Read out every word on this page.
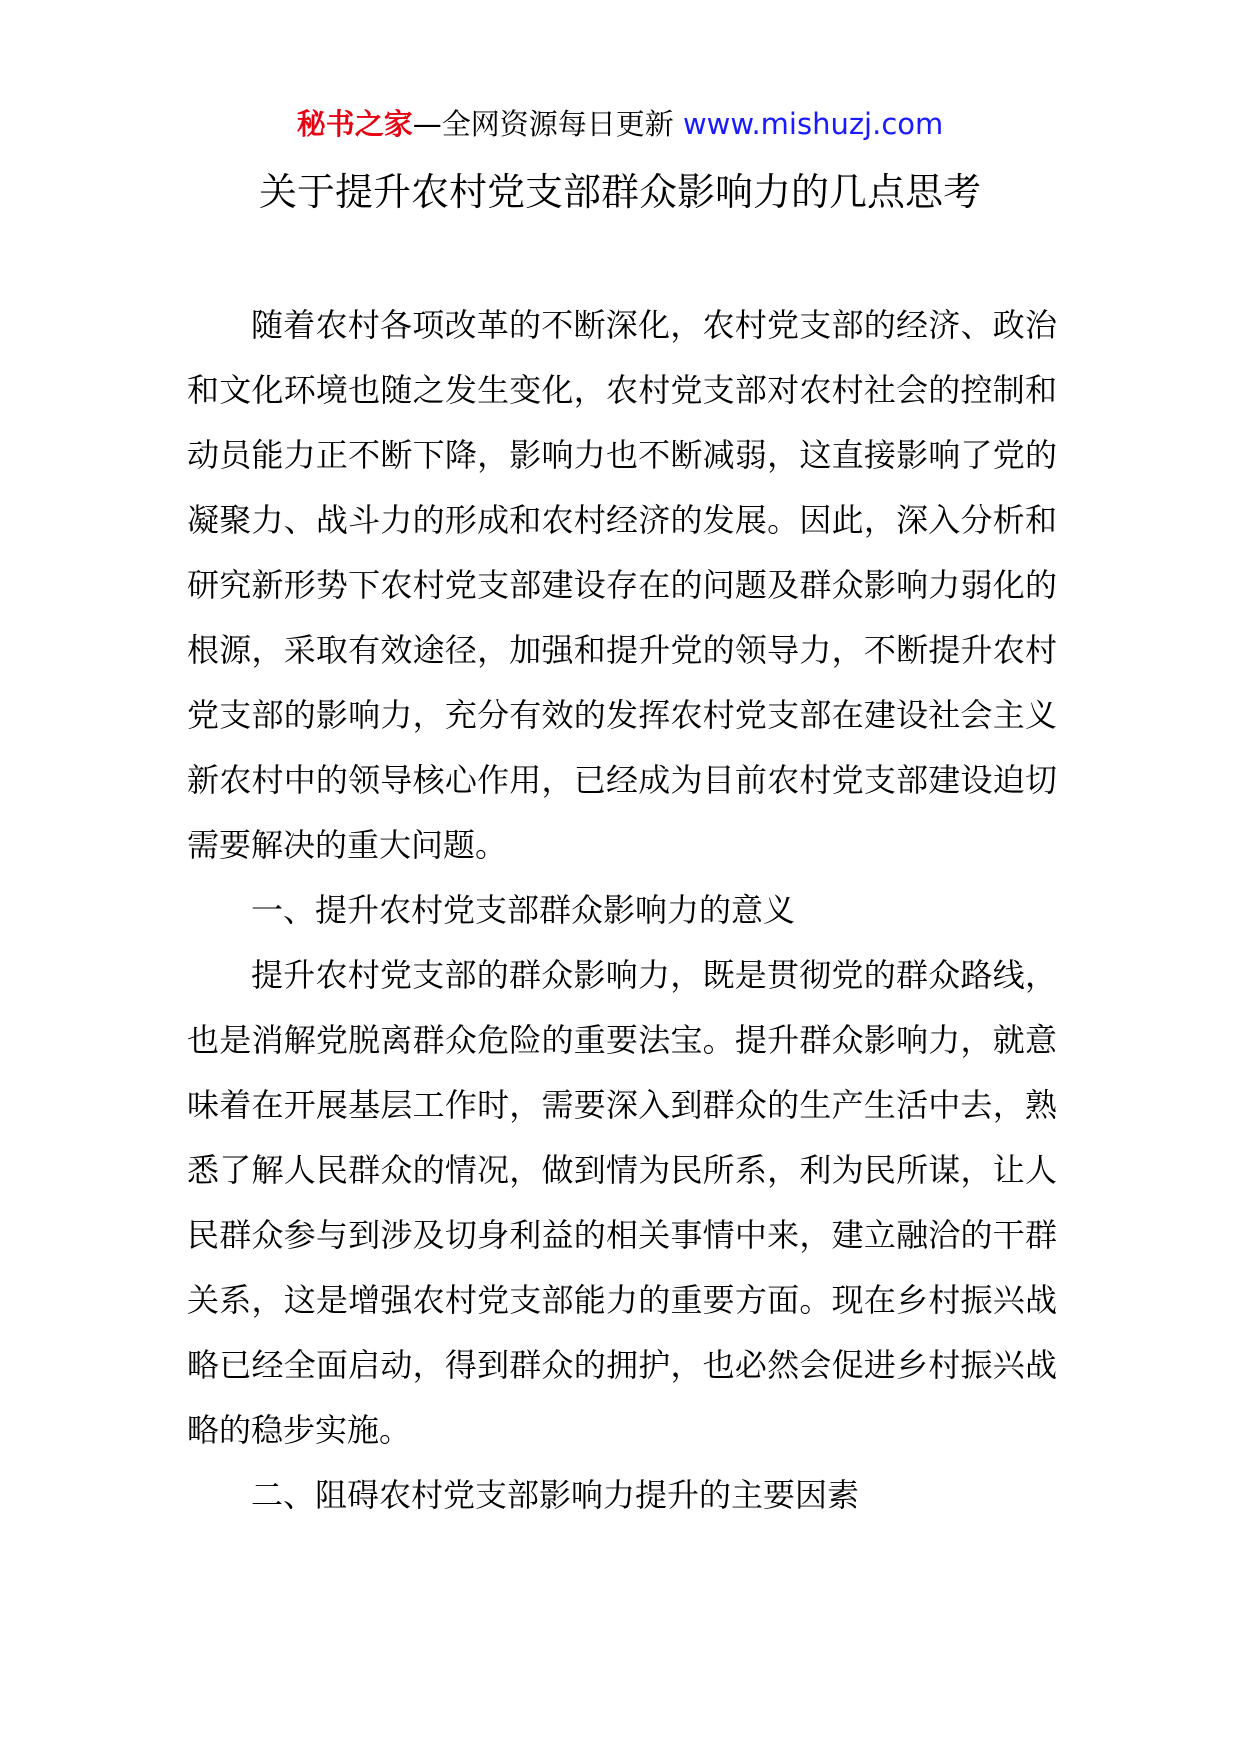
秘书之家—全网资源每日更新 www.mishuzj.com
关于提升农村党支部群众影响力的几点思考

随着农村各项改革的不断深化，农村党支部的经济、政治和文化环境也随之发生变化，农村党支部对农村社会的控制和动员能力正不断下降，影响力也不断减弱，这直接影响了党的凝聚力、战斗力的形成和农村经济的发展。因此，深入分析和研究新形势下农村党支部建设存在的问题及群众影响力弱化的根源，采取有效途径，加强和提升党的领导力，不断提升农村党支部的影响力，充分有效的发挥农村党支部在建设社会主义新农村中的领导核心作用，已经成为目前农村党支部建设迫切需要解决的重大问题。

一、提升农村党支部群众影响力的意义

提升农村党支部的群众影响力，既是贯彻党的群众路线，也是消解党脱离群众危险的重要法宝。提升群众影响力，就意味着在开展基层工作时，需要深入到群众的生产生活中去，熟悉了解人民群众的情况，做到情为民所系，利为民所谋，让人民群众参与到涉及切身利益的相关事情中来，建立融洽的干群关系，这是增强农村党支部能力的重要方面。现在乡村振兴战略已经全面启动，得到群众的拥护，也必然会促进乡村振兴战略的稳步实施。

二、阻碍农村党支部影响力提升的主要因素
